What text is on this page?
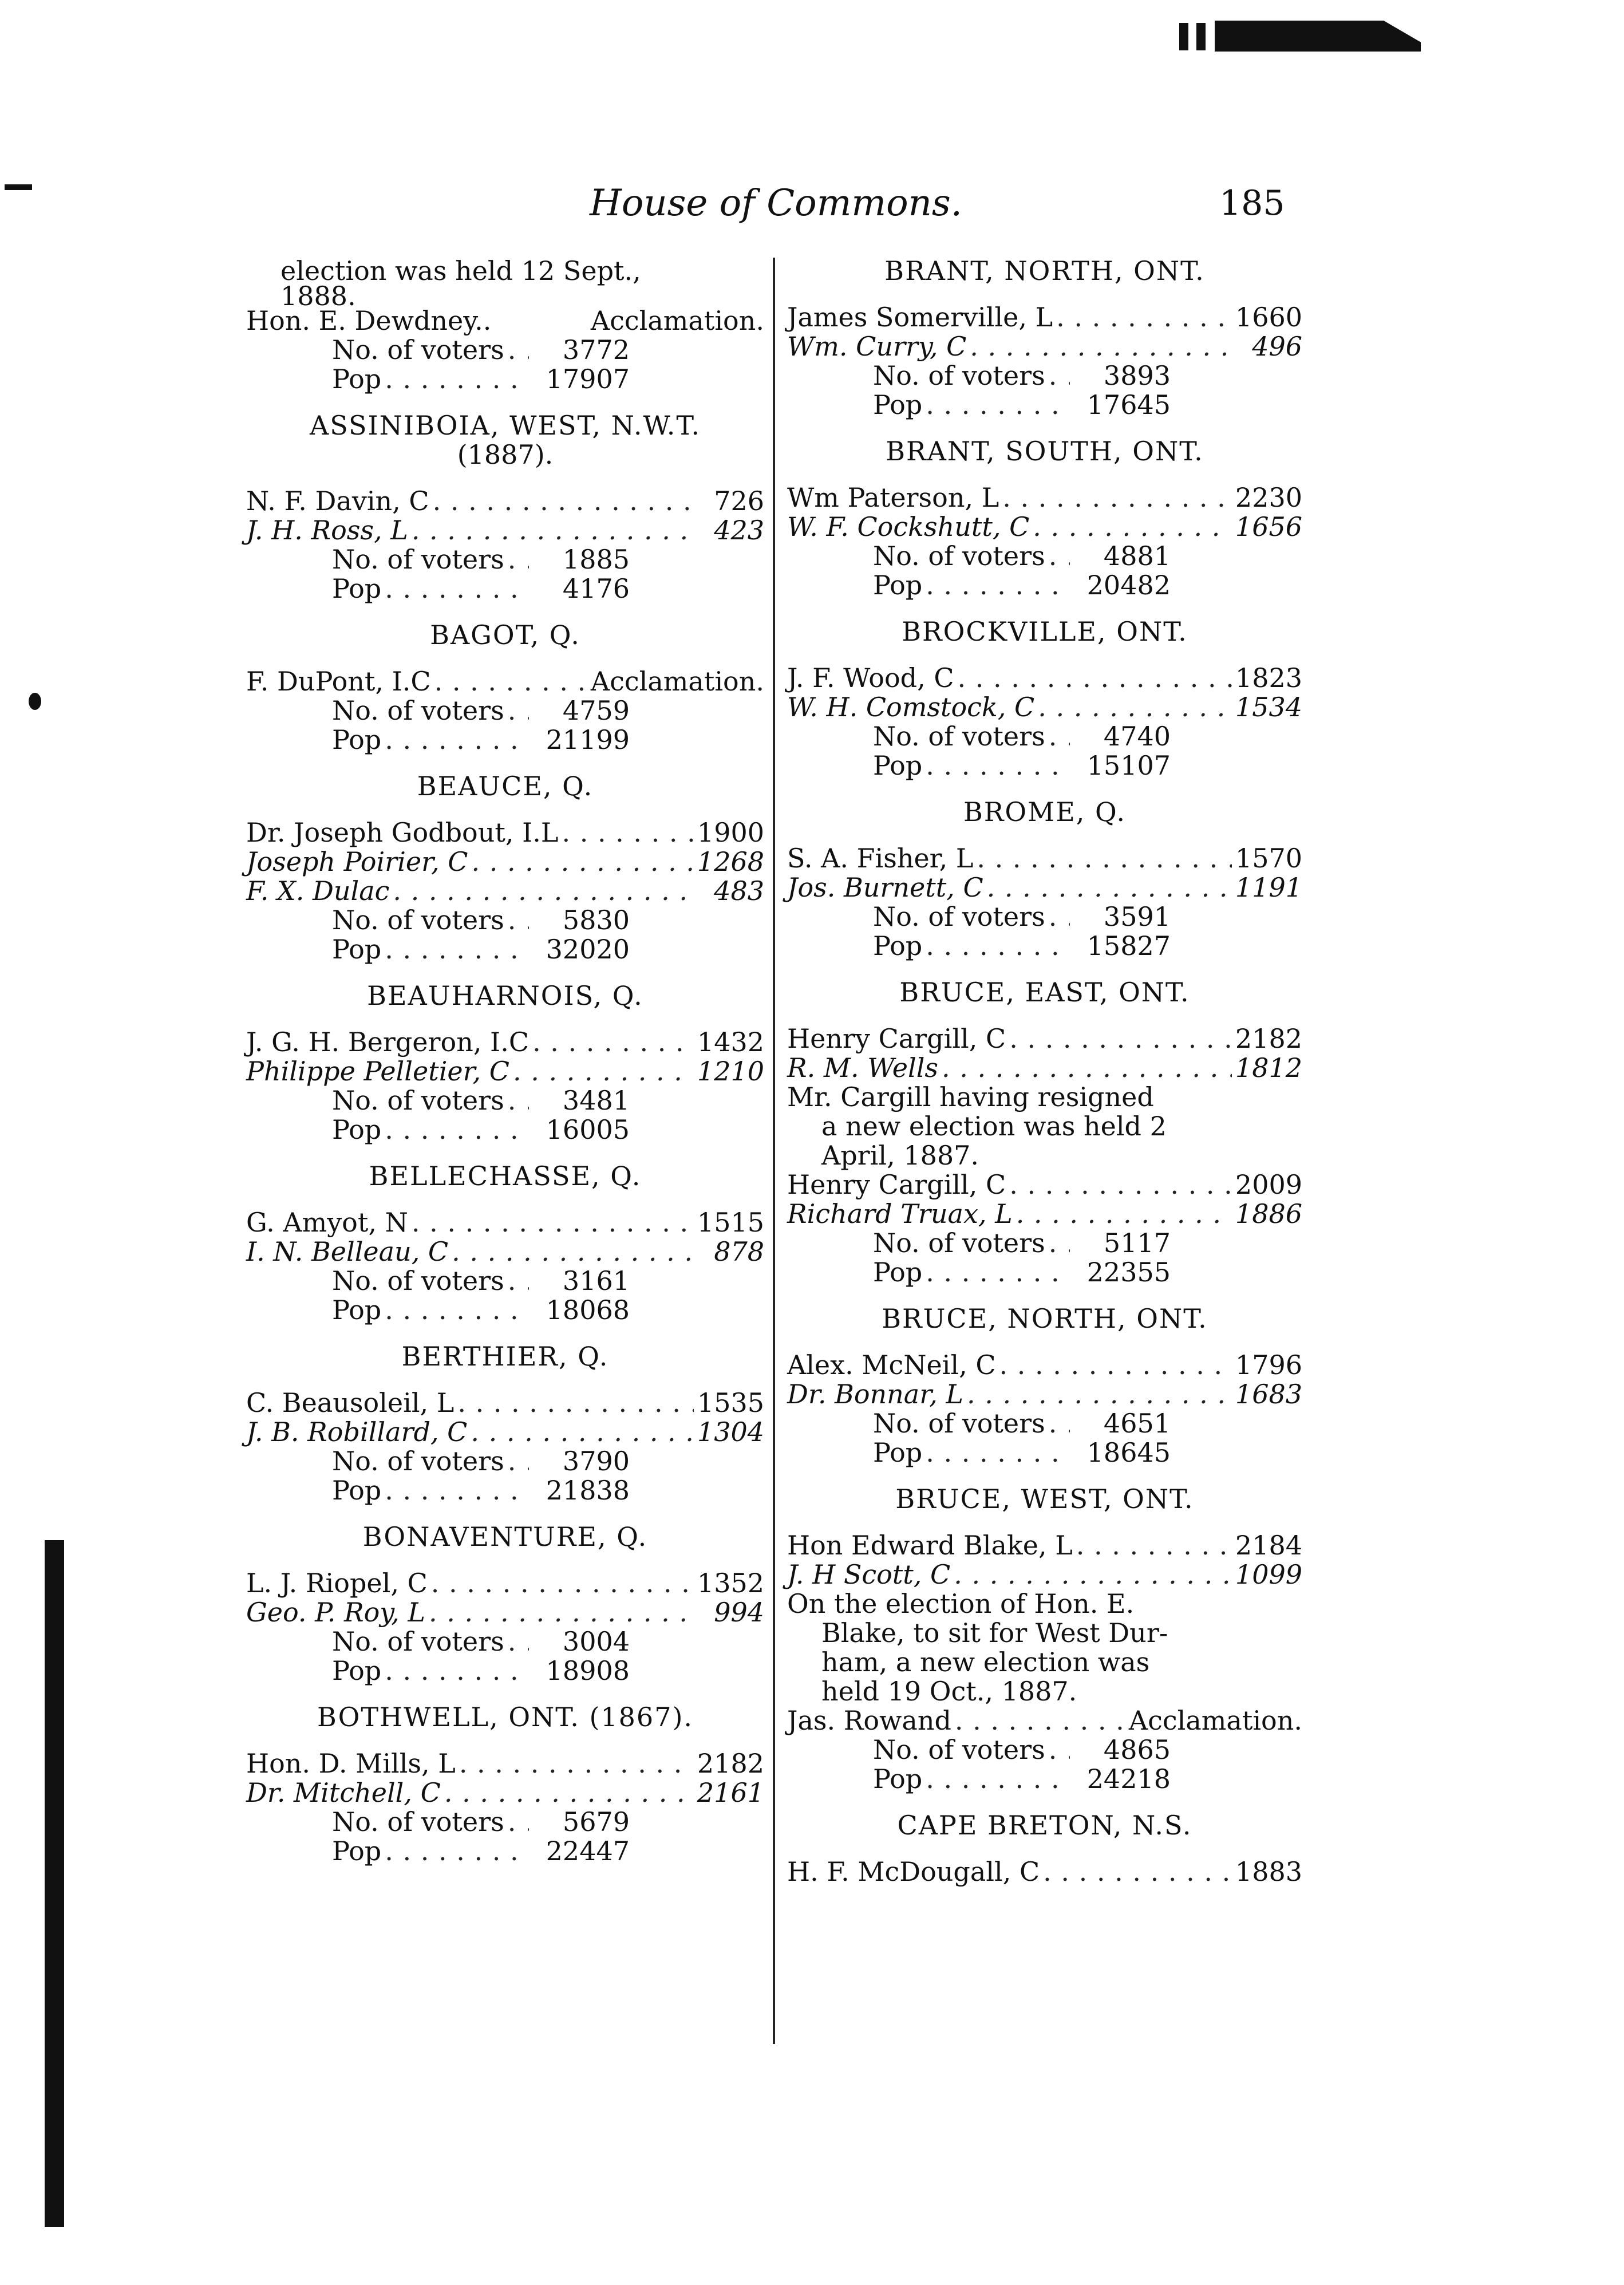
House of Commons.	185
election was held 12 Sept.,
1888.
Hon. E. Dewdney..	Acclamation.
No. of voters . . .	3772
Pop . . .	17907
ASSINIBOIA, WEST, N.W.T.
(1887).
N. F. Davin, C . . .	726
J. H. Ross, L . . .	423
No. of voters . . .	1885
Pop . . .	4176
BAGOT, Q.
F. DuPont, I.C . . .	Acclamation.
No. of voters . . .	4759
Pop . . .	21199
BEAUCE, Q.
Dr. Joseph Godbout, I.L . . .	1900
Joseph Poirier, C . . .	1268
F. X. Dulac . . .	483
No. of voters . . .	5830
Pop . . .	32020
BEAUHARNOIS, Q.
J. G. H. Bergeron, I.C . . .	1432
Philippe Pelletier, C . . .	1210
No. of voters . . .	3481
Pop . . .	16005
BELLECHASSE, Q.
G. Amyot, N . . .	1515
I. N. Belleau, C . . .	878
No. of voters . . .	3161
Pop . . .	18068
BERTHIER, Q.
C. Beausoleil, L . . .	1535
J. B. Robillard, C . . .	1304
No. of voters . . .	3790
Pop . . .	21838
BONAVENTURE, Q.
L. J. Riopel, C . . .	1352
Geo. P. Roy, L . . .	994
No. of voters . . .	3004
Pop . . .	18908
BOTHWELL, ONT. (1867).
Hon. D. Mills, L . . .	2182
Dr. Mitchell, C . . .	2161
No. of voters . . .	5679
Pop . . .	22447
BRANT, NORTH, ONT.
James Somerville, L . . .	1660
Wm. Curry, C . . .	496
No. of voters . . .	3893
Pop . . .	17645
BRANT, SOUTH, ONT.
Wm Paterson, L . . .	2230
W. F. Cockshutt, C . . .	1656
No. of voters . . .	4881
Pop . . .	20482
BROCKVILLE, ONT.
J. F. Wood, C . . .	1823
W. H. Comstock, C . . .	1534
No. of voters . . .	4740
Pop . . .	15107
BROME, Q.
S. A. Fisher, L . . .	1570
Jos. Burnett, C . . .	1191
No. of voters . . .	3591
Pop . . .	15827
BRUCE, EAST, ONT.
Henry Cargill, C . . .	2182
R. M. Wells . . .	1812
Mr. Cargill having resigned
a new election was held 2
April, 1887.
Henry Cargill, C . . .	2009
Richard Truax, L . . .	1886
No. of voters . . .	5117
Pop . . .	22355
BRUCE, NORTH, ONT.
Alex. McNeil, C . . .	1796
Dr. Bonnar, L . . .	1683
No. of voters . . .	4651
Pop . . .	18645
BRUCE, WEST, ONT.
Hon Edward Blake, L . . .	2184
J. H Scott, C . . .	1099
On the election of Hon. E.
Blake, to sit for West Dur-
ham, a new election was
held 19 Oct., 1887.
Jas. Rowand . . .	Acclamation.
No. of voters . . .	4865
Pop . . .	24218
CAPE BRETON, N.S.
H. F. McDougall, C . . .	1883
